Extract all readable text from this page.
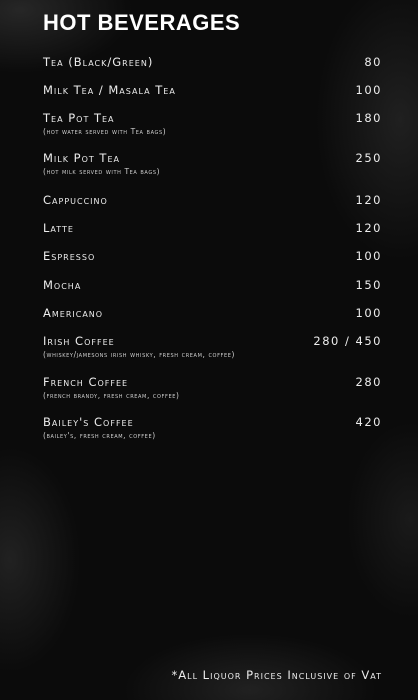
HOT BEVERAGES
Tea (Black/Green)	80
Milk Tea / Masala Tea	100
Tea Pot Tea	180
(hot water served with Tea bags)
Milk Pot Tea	250
(hot milk served with Tea bags)
Cappuccino	120
Latte	120
Espresso	100
Mocha	150
Americano	100
Irish Coffee	280 / 450
(whiskey/jamesons irish whisky, fresh cream, coffee)
French Coffee	280
(french brandy, fresh cream, coffee)
Bailey's Coffee	420
(bailey's, fresh cream, coffee)
*All Liquor Prices Inclusive of Vat
